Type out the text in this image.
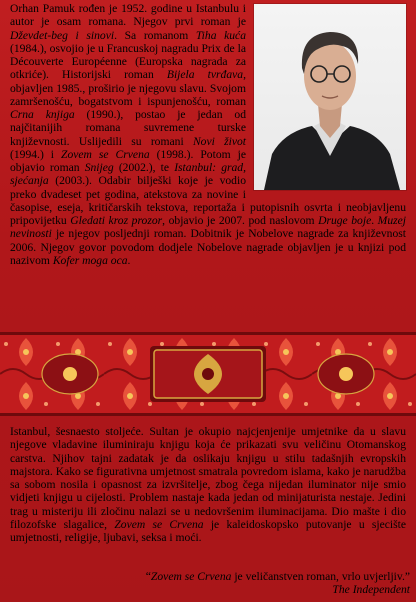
Orhan Pamuk rođen je 1952. godine u Istanbulu i autor je osam romana. Njegov prvi roman je Dževdet-beg i sinovi. Sa romanom Tiha kuća (1984.), osvojio je u Francuskoj nagradu Prix de la Découverte Européenne (Europska nagrada za otkriće). Historijski roman Bijela tvrđava, objavljen 1985., proširio je njegovu slavu. Svojom zamršenošću, bogatstvom i ispunjenošću, roman Crna knjiga (1990.), postao je jedan od najčitanijih romana suvremene turske književnosti. Uslijedili su romani Novi život (1994.) i Zovem se Crvena (1998.). Potom je objavio roman Snijeg (2002.), te Istanbul: grad, sjećanja (2003.). Odabir bilješki koje je vodio preko dvadeset pet godina, atekstova za novine i časopise, eseja, kritičarskih tekstova, reportaža i putopisnih osvrta i neobjavljenu pripovijetku Gledati kroz prozor, objavio je 2007. pod naslovom Druge boje. Muzej nevinosti je njegov posljednji roman. Dobitnik je Nobelove nagrade za književnost 2006. Njegov govor povodom dodjele Nobelove nagrade objavljen je u knjizi pod nazivom Kofer moga oca.

Istanbul, šesnaesto stoljeće. Sultan je okupio najcjenjenije umjetnike da u slavu njegove vladavine iluminiraju knjigu koja će prikazati svu veličinu Otomanskog carstva. Njihov tajni zadatak je da oslikaju knjigu u stilu tadašnjih evropskih majstora. Kako se figurativna umjetnost smatrala povredom islama, kako je narudžba sa sobom nosila i opasnost za izvršitelje, zbog čega nijedan iluminator nije smio vidjeti knjigu u cijelosti. Problem nastaje kada jedan od minijaturista nestaje. Jedini trag u misteriju ili zločinu nalazi se u nedovršenim iluminacijama. Dio mašte i dio filozofske slagalice, Zovem se Crvena je kaleidoskopsko putovanje u sjecište umjetnosti, religije, ljubavi, seksa i moći.

“Zovem se Crvena je veličanstven roman, vrlo uvjerljiv.”
The Independent
